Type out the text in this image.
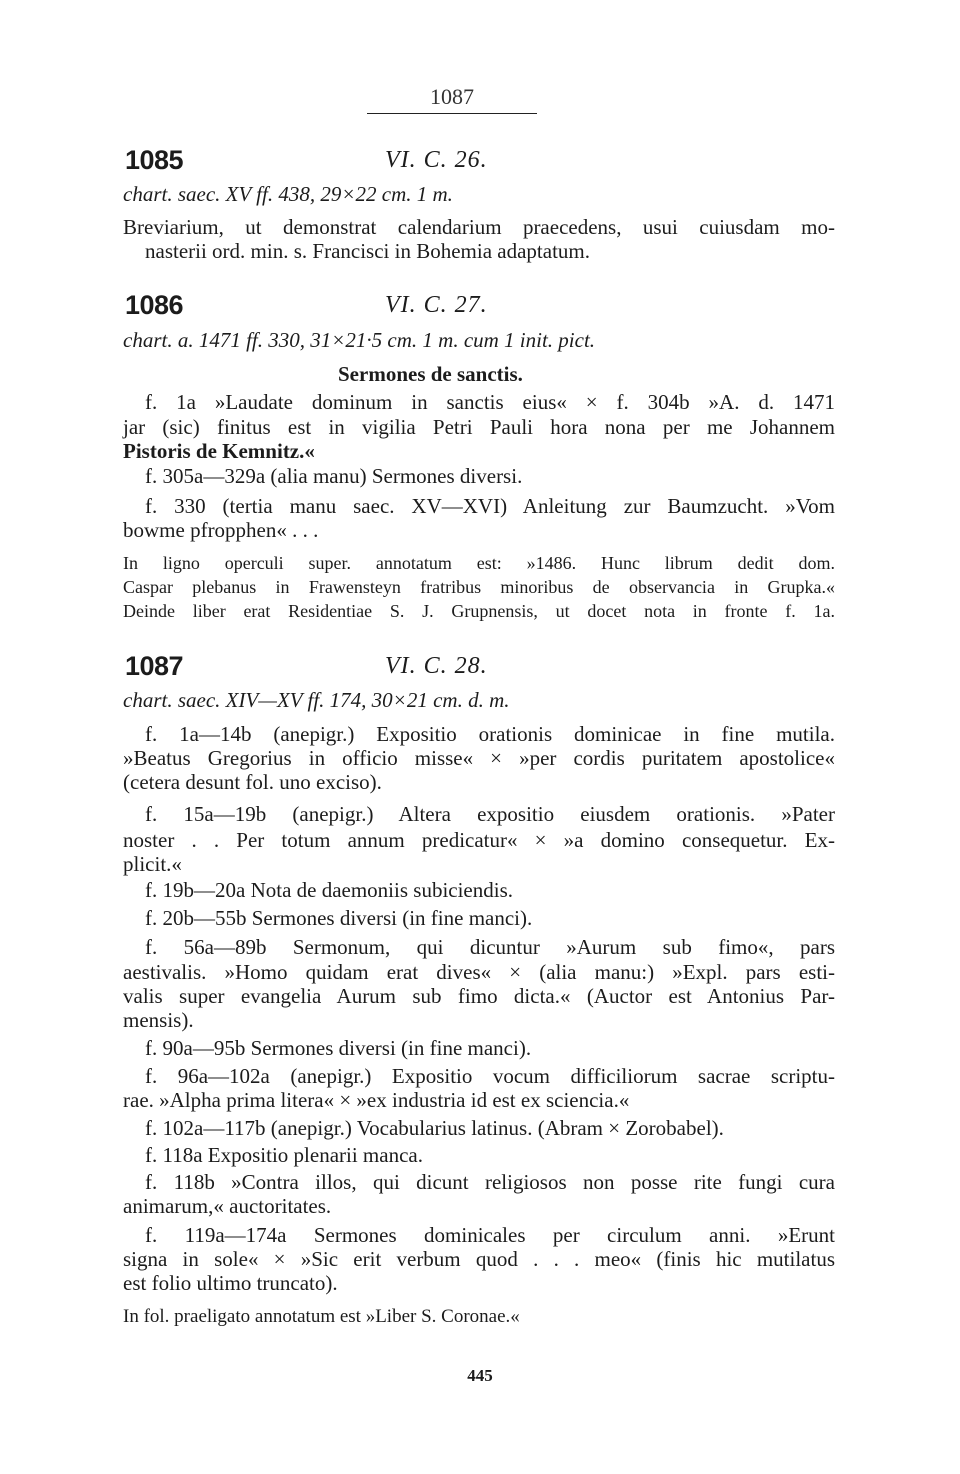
1087
1085	VI. C. 26.
chart. saec. XV ff. 438, 29×22 cm. 1 m.
Breviarium, ut demonstrat calendarium praecedens, usui cuiusdam mo-
nasterii ord. min. s. Francisci in Bohemia adaptatum.
1086	VI. C. 27.
chart. a. 1471 ff. 330, 31×21·5 cm. 1 m. cum 1 init. pict.
Sermones de sanctis.
f. 1a »Laudate dominum in sanctis eius« × f. 304b »A. d. 1471
jar (sic) finitus est in vigilia Petri Pauli hora nona per me Johannem
Pistoris de Kemnitz.«
f. 305a—329a (alia manu) Sermones diversi.
f. 330 (tertia manu saec. XV—XVI) Anleitung zur Baumzucht. »Vom
bowme pfropphen« . . .
In ligno operculi super. annotatum est: »1486. Hunc librum dedit dom.
Caspar plebanus in Frawensteyn fratribus minoribus de observancia in Grupka.«
Deinde liber erat Residentiae S. J. Grupnensis, ut docet nota in fronte f. 1a.
1087	VI. C. 28.
chart. saec. XIV—XV ff. 174, 30×21 cm. d. m.
f. 1a—14b (anepigr.) Expositio orationis dominicae in fine mutila.
»Beatus Gregorius in officio misse« × »per cordis puritatem apostolice«
(cetera desunt fol. uno exciso).
f. 15a—19b (anepigr.) Altera expositio eiusdem orationis. »Pater
noster . . Per totum annum predicatur« × »a domino consequetur. Ex-
plicit.«
f. 19b—20a Nota de daemoniis subiciendis.
f. 20b—55b Sermones diversi (in fine manci).
f. 56a—89b Sermonum, qui dicuntur »Aurum sub fimo«, pars
aestivalis. »Homo quidam erat dives« × (alia manu:) »Expl. pars esti-
valis super evangelia Aurum sub fimo dicta.« (Auctor est Antonius Par-
mensis).
f. 90a—95b Sermones diversi (in fine manci).
f. 96a—102a (anepigr.) Expositio vocum difficiliorum sacrae scriptu-
rae. »Alpha prima litera« × »ex industria id est ex sciencia.«
f. 102a—117b (anepigr.) Vocabularius latinus. (Abram × Zorobabel).
f. 118a Expositio plenarii manca.
f. 118b »Contra illos, qui dicunt religiosos non posse rite fungi cura
animarum,« auctoritates.
f. 119a—174a Sermones dominicales per circulum anni. »Erunt
signa in sole« × »Sic erit verbum quod . . . meo« (finis hic mutilatus
est folio ultimo truncato).
In fol. praeligato annotatum est »Liber S. Coronae.«
445
